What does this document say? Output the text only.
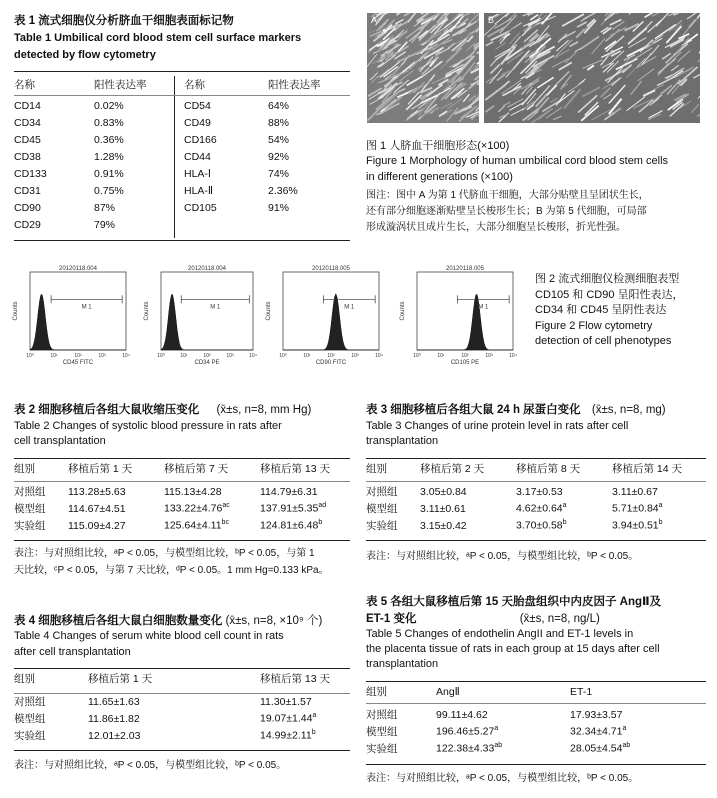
表 1 流式细胞仪分析脐血干细胞表面标记物
Table 1 Umbilical cord blood stem cell surface markers
detected by flow cytometry
名称	阳性表达率

CD14	0.02%
CD34	0.83%
CD45	0.36%
CD38	1.28%
CD133	0.91%
CD31	0.75%
CD90	87%
CD29	79%
名称	阳性表达率

CD54	64%
CD49	88%
CD166	54%
CD44	92%
HLA-Ⅰ	74%
HLA-Ⅱ	2.36%
CD105	91%
A	B
图 1 人脐血干细胞形态(×100)
Figure 1 Morphology of human umbilical cord blood stem cells
in different generations (×100)
图注：图中 A 为第 1 代脐血干细胞，大部分贴壁且呈团状生长，
还有部分细胞逐渐贴壁呈长梭形生长；B 为第 5 代细胞，可局部
形成漩涡状且成片生长，大部分细胞呈长梭形，折光性强。
20120118.004
Counts
CD45 FITC
10⁰	10¹	10²	10³	10⁴
M 1
20120118.004
Counts
CD34 PE
10⁰	10¹	10²	10³	10⁴
M 1
20120118.005
Counts
CD90 FITC
10⁰	10¹	10²	10³	10⁴
M 1
20120118.005
Counts
CD105 PE
10⁰	10¹	10²	10³	10⁴
M 1
图 2 流式细胞仪检测细胞表型
CD105 和 CD90 呈阳性表达，
CD34 和 CD45 呈阴性表达
Figure 2 Flow cytometry
detection of cell phenotypes
表 2 细胞移植后各组大鼠收缩压变化 (x̄±s, n=8, mm Hg)
Table 2 Changes of systolic blood pressure in rats after
cell transplantation
组别	移植后第 1 天	移植后第 7 天	移植后第 13 天

对照组	113.28±5.63	115.13±4.28	114.79±6.31
模型组	114.67±4.51	133.22±4.76$^{ac}$	137.91±5.35$^{ad}$
实验组	115.09±4.27	125.64±4.11$^{bc}$	124.81±6.48$^b$
表注：与对照组比较，ᵃP < 0.05，与模型组比较，ᵇP < 0.05，与第 1
天比较，ᶜP < 0.05，与第 7 天比较，ᵈP < 0.05。1 mm Hg=0.133 kPa。
表 3 细胞移植后各组大鼠 24 h 尿蛋白变化 (x̄±s, n=8, mg)
Table 3 Changes of urine protein level in rats after cell
transplantation
组别	移植后第 2 天	移植后第 8 天	移植后第 14 天

对照组	3.05±0.84	3.17±0.53	3.11±0.67
模型组	3.11±0.61	4.62±0.64$^a$	5.71±0.84$^a$
实验组	3.15±0.42	3.70±0.58$^b$	3.94±0.51$^b$
表注：与对照组比较，ᵃP < 0.05，与模型组比较，ᵇP < 0.05。
表 4 细胞移植后各组大鼠白细胞数量变化 (x̄±s, n=8, ×10⁹ 个)
Table 4 Changes of serum white blood cell count in rats
after cell transplantation
组别	移植后第 1 天	移植后第 13 天

对照组	11.65±1.63	11.30±1.57
模型组	11.86±1.82	19.07±1.44$^a$
实验组	12.01±2.03	14.99±2.11$^b$
表注：与对照组比较，ᵃP < 0.05，与模型组比较，ᵇP < 0.05。
表 5 各组大鼠移植后第 15 天胎盘组织中内皮因子 AngⅡ及
ET-1 变化	(x̄±s, n=8, ng/L)
Table 5 Changes of endothelin AngII and ET-1 levels in
the placenta tissue of rats in each group at 15 days after cell
transplantation
组别	AngⅡ	ET-1

对照组	99.11±4.62	17.93±3.57
模型组	196.46±5.27$^a$	32.34±4.71$^a$
实验组	122.38±4.33$^{ab}$	28.05±4.54$^{ab}$
表注：与对照组比较，ᵃP < 0.05，与模型组比较，ᵇP < 0.05。
